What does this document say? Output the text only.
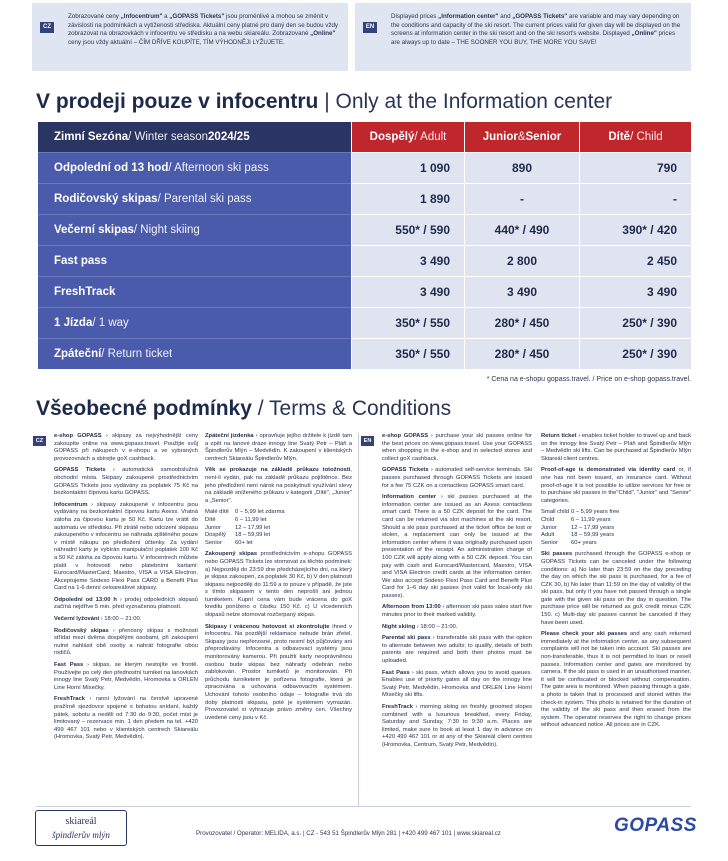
CZ
Zobrazované ceny „Infocentrum" a „GOPASS Tickets" jsou proměnlivé a mohou se změnit v závislosti na podmínkách a vytíženosti střediska. Aktuální ceny platné pro daný den se budou vždy zobrazovat na obrazovkách v infocentru ve středisku a na webu skiareálu. Zobrazované „Online" ceny jsou vždy aktuální – ČÍM DŘÍVE KOUPÍTE, TÍM VÝHODNĚJI LYŽUJETE.
EN
Displayed prices „Information center" and „GOPASS Tickets" are variable and may vary depending on the conditions and capacity of the ski resort. The current prices valid for given day will be displayed on the screens at information center in the ski resort and on the ski resort's website. Displayed „Online" prices are always up to date – THE SOONER YOU BUY, THE MORE YOU SAVE!
V prodeji pouze v infocentru | Only at the Information center
Zimní Sezóna / Winter season 2024/25	Dospělý / Adult	Junior & Senior	Dítě / Child
Odpolední od 13 hod / Afternoon ski pass	1 090	890	790
Rodičovský skipas / Parental ski pass	1 890	-	-
Večerní skipas / Night skiing	550* / 590	440* / 490	390* / 420
Fast pass	3 490	2 800	2 450
FreshTrack	3 490	3 490	3 490
1 Jízda / 1 way	350* / 550	280* / 450	250* / 390
Zpáteční / Return ticket	350* / 550	280* / 450	250* / 390
* Cena na e-shopu gopass.travel. / Price on e-shop gopass.travel.
Všeobecné podmínky / Terms & Conditions
CZ	EN

e-shop GOPASS › skipasy za nejvýhodnější ceny zakoupíte online na www.gopass.travel. Použijte svůj GOPASS při nákupech v e-shopu a ve vybraných provozovnách a sbírejte goX cashback.

GOPASS Tickets › automatická samoobslužná obchodní místa. Skipasy zakoupené prostřednictvím GOPASS Tickets jsou vydávány za poplatek 75 Kč na bezkontaktní čipovou kartu GOPASS.

Infocentrum › skipasy zakoupené v infocentru jsou vydávány na bezkontaktní čipovou kartu Axess. Vratná záloha za čipovou kartu je 50 Kč. Kartu lze vrátit do automatu ve středisku. Při ztrátě nebo odcizení skipasu zakoupeného v infocentru se náhrada zjištěného pouze v místě nákupu po předložení účtenky. Za vydání náhradní karty je vybírán manipulační poplatek 100 Kč a 50 Kč záloha za čipovou kartu. V infocentrech můžete platit v hotovosti nebo platebními kartami: Eurocard/MasterCard, Maestro, VISA a VISA Electron. Akceptujeme Sodexo Flexi Pass CARD a Benefit Plus Card na 1-6 denní celoareálové skipasy.

Odpolední od 13:00 h › prodej odpoledních skipasů začíná nejdříve 5 min. před vyznačenou platností.

Večerní lyžování › 18:00 – 21:00.

Rodičovský skipas › přenosný skipas s možností střídat mezi dvěma dospělými osobami, při zakoupení nutné nahlásit obě osoby a nahrát fotografie obou rodičů.

Fast Pass › skipas, se kterým nestojíte ve frontě. Používejte po celý den přednostní turniket na lanovkách innogy line Svatý Petr, Medvědín, Hromovka a ORLEN Line Horní Mísečky.

FreshTrack › ranní lyžování na čerstvě upravené pražírně sjezdovce spojené s bohatou snídaní, každý pátek, sobotu a neděli od 7:30 do 9:30, počet míst je limitovaný – rezervace min. 1 den předem na tel. +420 499 467 101 nebo v klientských centrech Skiareálu (Hromovka, Svatý Petr, Medvědín).

Zpáteční jízdenka › opravňuje jejího držitele k jízdě tam a zpět na lanové dráze innogy line Svatý Petr – Pláň a Špindlerův Mlýn – Medvědín. K zakoupení v klientských centrech Skiareálu Špindlerův Mlýn.

Věk se prokazuje na základě průkazu totožnosti, není-li vydán, pak na základě průkazu pojištěnce. Bez jeho předložení není nárok na poskytnutí využívání slevy na základě sníženého průkazu v kategorii „Dítě", „Junior" a „Senior".

Malé dítě 0 – 5,99 let zdarma
Dítě	6 – 11,99 let
Junior 12 – 17,99 let
Dospělý 18 – 59,99 let
Senior 60+ let

Zakoupený skipas prostřednictvím e-shopu GOPASS nebo GOPASS Tickets lze stornovat za těchto podmínek: a) Nejpozději do 23:59 dne předcházejícího dni, na který je skipas zakoupen, za poplatek 30 Kč, b) V den platnosti skipasu nejpozději do 11:59 a to pouze v případě, že jste s tímto skipasem v tento den neprošli ani jednou turniketem. Kupní cena vám bude vrácena do goX kreditu poníženo o částku 150 Kč. c) U vícedenních skipasů nelze stornovat rozčerpaný skipas.

Skipasy i vrácenou hotovost si zkontrolujte ihned v infocentru. Na pozdější reklamace nebude brán zřetel. Skipasy jsou nepřenosné, proto nesmí být půjčovány ani přeprodávány. Infocentra a odbavovací systémy jsou monitorovány kamerou. Při použití karty neoprávněnou osobou bude skipas bez náhrady odebrán nebo zablokován. Prostor turniketů je monitorován. Při průchodu turniketem je pořízena fotografie, která je zpracována a uchována odbavovacím systémem. Uchování tohoto osobního údaje – fotografie trvá do doby platnosti skipasu, poté je systémem vymazán. Provozovatel si vyhrazuje právo změny cen. Všechny uvedené ceny jsou v Kč.

e-shop GOPASS › purchase your ski passes online for the best prices on www.gopass.travel. Use your GOPASS when shopping in the e-shop and in selected stores and collect goX cashback.

GOPASS Tickets › automated self-service terminals. Ski passes purchased through GOPASS Tickets are issued for a fee 75 CZK on a contactless GOPASS smart card.

Information center › ski passes purchased at the information center are issued as an Axess contactless smart card. There is a 50 CZK deposit for the card. The card can be returned via slot machines at the ski resort. Should a ski pass purchased at the ticket office be lost or stolen, a replacement can only be issued at the information center where it was originally purchased upon presentation of the receipt. An administration charge of 100 CZK will apply along with a 50 CZK deposit. You can pay with cash and Eurocard/Mastercard, Maestro, VISA and VISA Electron credit cards at the information center. We also accept Sodexo Flexi Pass Card and Benefit Plus Card for 1–6 day ski passes (not valid for local-only ski passes).

Afternoon from 13:00 › afternoon ski pass sales start five minutes prior to their marked validity.

Night skiing › 18:00 – 21:00.

Parental ski pass › transferable ski pass with the option to alternate between two adults; to qualify, details of both parents are required and both their photos must be uploaded.

Fast Pass › ski pass, which allows you to avoid queues. Enables use of priority gates all day on the innogy line Svatý Petr, Medvědín, Hromovka and ORLEN Line Horní Mísečky ski lifts.

FreshTrack › morning skiing on freshly groomed slopes combined with a luxurious breakfast, every Friday, Saturday and Sunday, 7:30 to 9:30 a.m. Places are limited, make sure to book at least 1 day in advance on +420 499 467 101 or at any of the Skiareál client centres (Hromovka, Centrum, Svatý Petr, Medvědín).

Return ticket › enables ticket holder to travel up and back on the innogy line Svatý Petr – Pláň and Špindlerův Mlýn – Medvědín ski lifts. Can be purchased at Špindlerův Mlýn Skiareál client centres.

Proof-of-age is demonstrated via identity card or, if one has not been issued, an insurance card. Without proof-of-age it is not possible to utilize services for free or to purchase ski passes in the"Child", "Junior" and "Senior" categories.

Small child 0 – 5,99 years free
Child	6 – 11,99 years
Junior 12 – 17,99 years
Adult	18 – 59,99 years
Senior 60+ years

Ski passes purchased through the GOPASS e-shop or GOPASS Tickets can be canceled under the following conditions: a) No later than 23:59 on the day preceding the day on which the ski pass is purchased, for a fee of CZK 30, b) No later than 11:59 on the day of validity of the ski pass, but only if you have not passed through a single gate with the given ski pass on the day in question. The purchase price will be returned as goX credit minus CZK 150. c) Multi-day ski passes cannot be canceled if they have been used.

Please check your ski passes and any cash returned immediately at the information center, as any subsequent complaints will not be taken into account. Ski passes are non-transferable, thus it is not permitted to loan or resell passes. Information center and gates are monitored by camera. If the ski pass is used in an unauthorised manner, it will be confiscated or blocked without compensation. The gate area is monitored. When passing through a gate, a photo is taken that is processed and stored within the check-in system. This photo is retained for the duration of the validity of the ski pass and then erased from the system. The operator reserves the right to change prices without advanced notice. All prices are in CZK.

skiareál
špindlerův mlýn	Provozovatel / Operator: MELIDA, a.s. | CZ - 543 51 Špindlerův Mlýn 281 | +420 499 467 101 | www.skiareal.cz	GOPASS
